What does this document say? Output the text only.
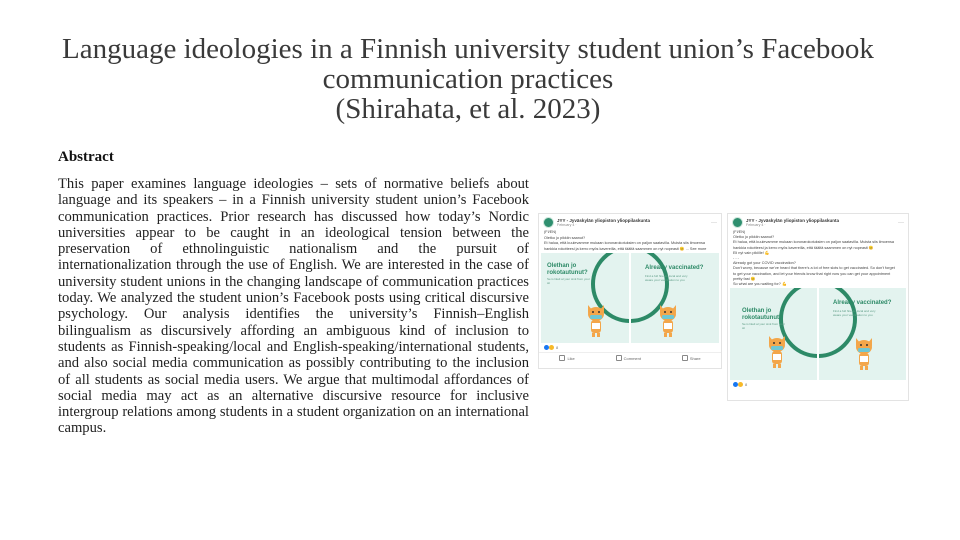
Language ideologies in a Finnish university student union’s Facebook
communication practices
(Shirahata, et al. 2023)
Abstract

This paper examines language ideologies – sets of normative beliefs about language and its speakers – in a Finnish university student union’s Facebook communication practices. Prior research has discussed how today’s Nordic universities appear to be caught in an ideological tension between the preservation of ethnolinguistic nationalism and the pursuit of internationalization through the use of English. We are interested in the case of university student unions in the changing landscape of communication practices today. We analyzed the student union’s Facebook posts using critical discursive psychology. Our analysis identifies the university’s Finnish–English bilingualism as discursively affording an ambiguous kind of inclusion to students as Finnish-speaking/local and English-speaking/international students, and also social media communication as possibly contributing to the inclusion of all students as social media users. We argue that multimodal affordances of social media may act as an alternative discursive resource for inclusive intergroup relations among students in a student organization on an international campus.

JYY - Jyväskylän yliopiston ylioppilaskunta
February 4 ·	···
(FI/EN)
Oletko jo pikkiin saanut?
Et halua, että kuulevamme mukaan koronarokotuksien on paljon saatavilla. Muista siis ilmoensa
hankkia rokotteesi ja kerro myös kavereilla, että täältä saammen on nyt nopeasti 😊 ... See more
Olethan jo
rokotautunut?
Se is likeli al your sink from your sit
Already vaccinated?
Find a full hire for local and very aware your vaccination to you
8
Like	Comment	Share
JYY - Jyväskylän yliopiston ylioppilaskunta
February 4 ·	···
(FI/EN)
Oletko jo pikkiin saanut?
Et halua, että kuulevamme mukaan koronarokotuksien on paljon saatavilla. Muista siis ilmoensa
hankkia rokotteesi ja kerro myös kavereilla, että täältä saammen on nyt nopeasti 😊
Eli nyt vain pikiille! 💪
- - -
Already got your COVID vaccination?
Don't worry, because we've heard that there's a lot of free slots to get vaccinated. So don't forget
to get your vaccination, and let your friends know that right now you can get your appointment
pretty fast 😊
So what are you waiting for? 💪
Olethan jo
rokotautunut?
Se is likeli al your sink from your sit
Already vaccinated?
Find a full hire for local and very aware your vaccination to you
8
